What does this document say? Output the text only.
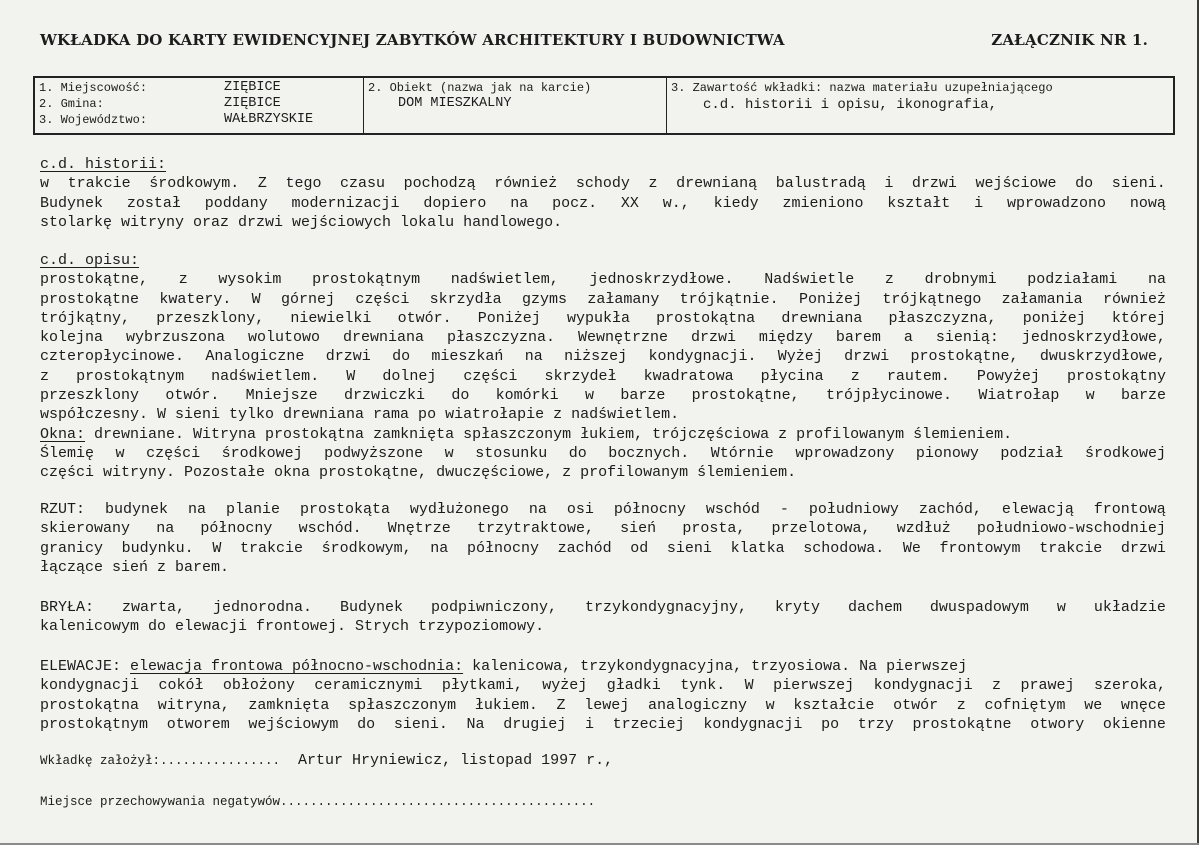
WKŁADKA DO KARTY EWIDENCYJNEJ ZABYTKÓW ARCHITEKTURY I BUDOWNICTWA	ZAŁĄCZNIK NR 1.
1. Miejscowość:	ZIĘBICE
2. Gmina:	ZIĘBICE
3. Województwo:	WAŁBRZYSKIE

2. Obiekt (nazwa jak na karcie)
DOM MIESZKALNY

3. Zawartość wkładki: nazwa materiału uzupełniającego
c.d. historii i opisu, ikonografia,
c.d. historii:
w trakcie środkowym. Z tego czasu pochodzą również schody z drewnianą balustradą i drzwi wejściowe do sieni.
Budynek został poddany modernizacji dopiero na pocz. XX w., kiedy zmieniono kształt i wprowadzono nową
stolarkę witryny oraz drzwi wejściowych lokalu handlowego.
c.d. opisu:
prostokątne, z wysokim prostokątnym nadświetlem, jednoskrzydłowe. Nadświetle z drobnymi podziałami na
prostokątne kwatery. W górnej części skrzydła gzyms załamany trójkątnie. Poniżej trójkątnego załamania również
trójkątny, przeszklony, niewielki otwór. Poniżej wypukła prostokątna drewniana płaszczyzna, poniżej której
kolejna wybrzuszona wolutowo drewniana płaszczyzna. Wewnętrzne drzwi między barem a sienią: jednoskrzydłowe,
czteropłycinowe. Analogiczne drzwi do mieszkań na niższej kondygnacji. Wyżej drzwi prostokątne, dwuskrzydłowe,
z prostokątnym nadświetlem. W dolnej części skrzydeł kwadratowa płycina z rautem. Powyżej prostokątny
przeszklony otwór. Mniejsze drzwiczki do komórki w barze prostokątne, trójpłycinowe. Wiatrołap w barze
współczesny. W sieni tylko drewniana rama po wiatrołapie z nadświetlem.
Okna: drewniane. Witryna prostokątna zamknięta spłaszczonym łukiem, trójczęściowa z profilowanym ślemieniem.
Ślemię w części środkowej podwyższone w stosunku do bocznych. Wtórnie wprowadzony pionowy podział środkowej
części witryny. Pozostałe okna prostokątne, dwuczęściowe, z profilowanym ślemieniem.
RZUT: budynek na planie prostokąta wydłużonego na osi północny wschód - południowy zachód, elewacją frontową
skierowany na północny wschód. Wnętrze trzytraktowe, sień prosta, przelotowa, wzdłuż południowo-wschodniej
granicy budynku. W trakcie środkowym, na północny zachód od sieni klatka schodowa. We frontowym trakcie drzwi
łączące sień z barem.
BRYŁA: zwarta, jednorodna. Budynek podpiwniczony, trzykondygnacyjny, kryty dachem dwuspadowym w układzie
kalenicowym do elewacji frontowej. Strych trzypoziomowy.
ELEWACJE: elewacja frontowa północno-wschodnia: kalenicowa, trzykondygnacyjna, trzyosiowa. Na pierwszej
kondygnacji cokół obłożony ceramicznymi płytkami, wyżej gładki tynk. W pierwszej kondygnacji z prawej szeroka,
prostokątna witryna, zamknięta spłaszczonym łukiem. Z lewej analogiczny w kształcie otwór z cofniętym we wnęce
prostokątnym otworem wejściowym do sieni. Na drugiej i trzeciej kondygnacji po trzy prostokątne otwory okienne
Wkładkę założył:................  Artur Hryniewicz, listopad 1997 r.,
Miejsce przechowywania negatywów..........................................
